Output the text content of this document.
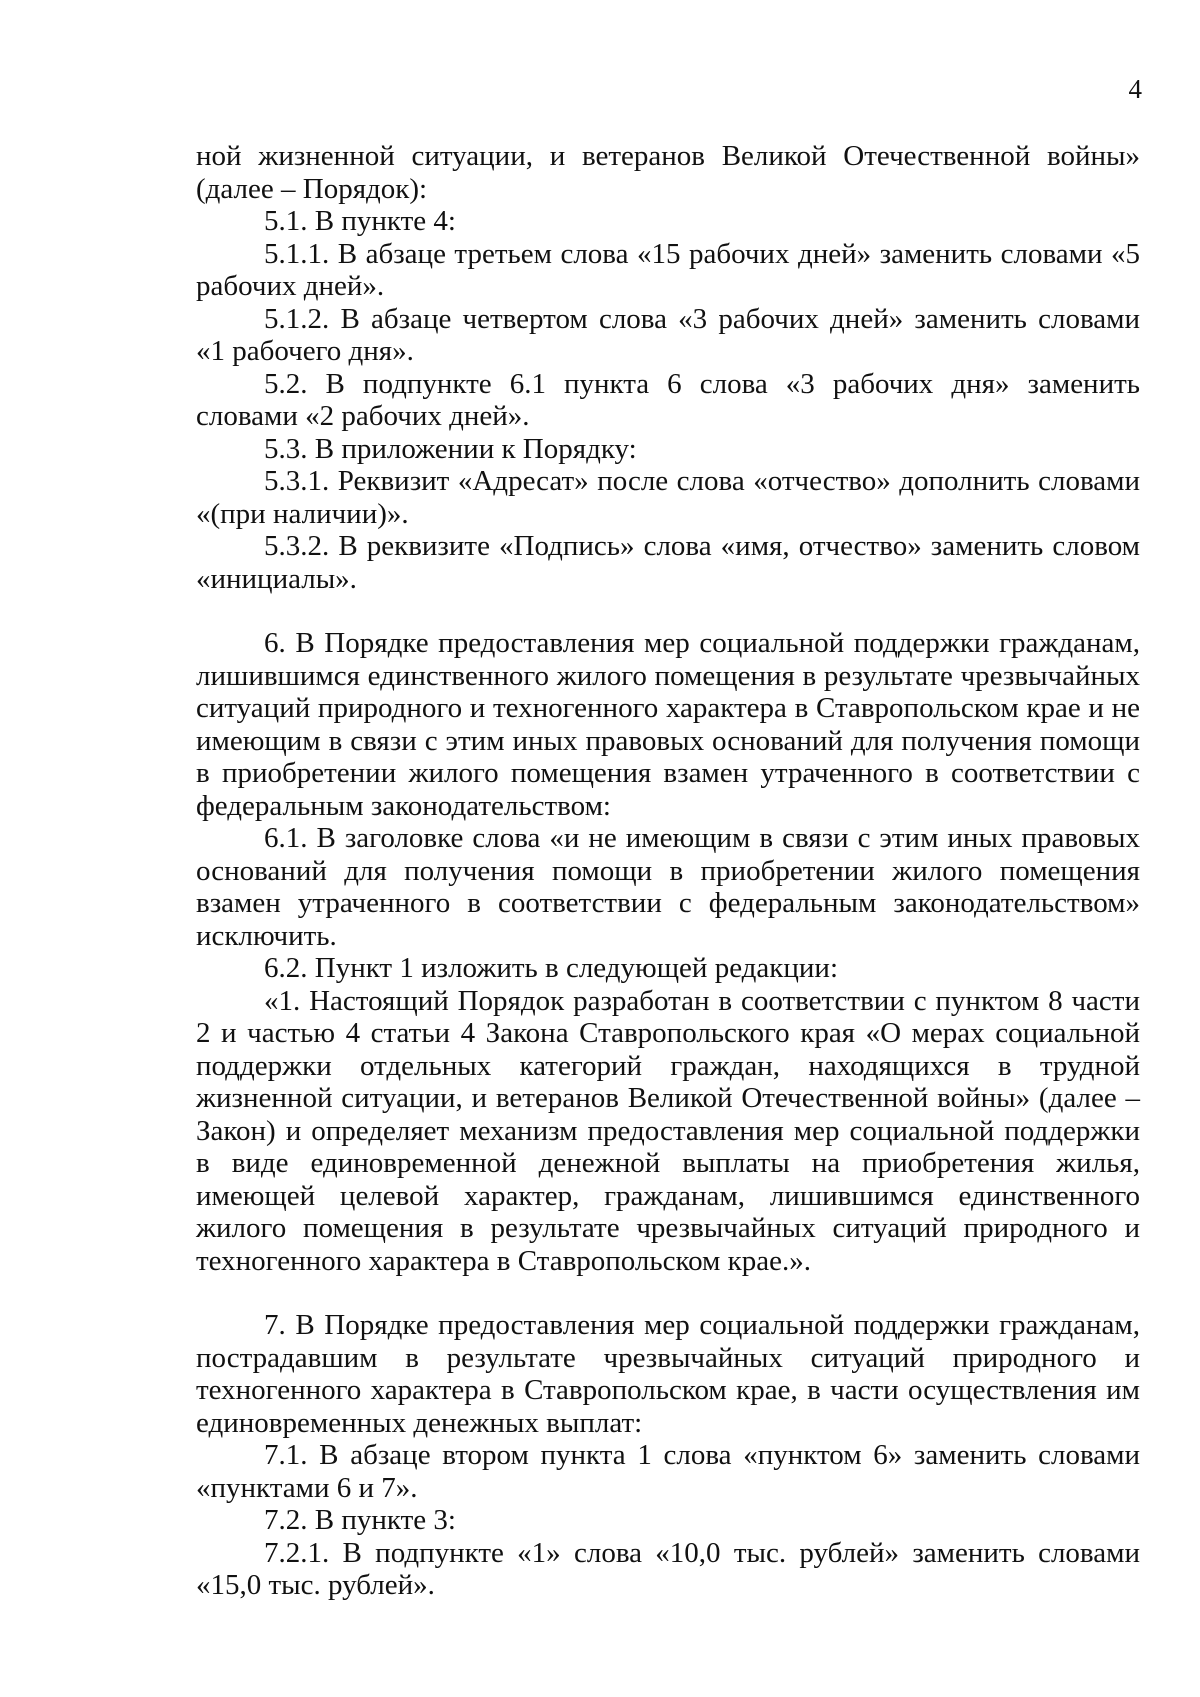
4

ной жизненной ситуации, и ветеранов Великой Отечественной войны» (далее – Порядок):

5.1. В пункте 4:

5.1.1. В абзаце третьем слова «15 рабочих дней» заменить словами «5 рабочих дней».

5.1.2. В абзаце четвертом слова «3 рабочих дней» заменить словами «1 рабочего дня».

5.2. В подпункте 6.1 пункта 6 слова «3 рабочих дня» заменить словами «2 рабочих дней».

5.3. В приложении к Порядку:

5.3.1. Реквизит «Адресат» после слова «отчество» дополнить словами «(при наличии)».

5.3.2. В реквизите «Подпись» слова «имя, отчество» заменить словом «инициалы».

6. В Порядке предоставления мер социальной поддержки гражданам, лишившимся единственного жилого помещения в результате чрезвычайных ситуаций природного и техногенного характера в Ставропольском крае и не имеющим в связи с этим иных правовых оснований для получения помощи в приобретении жилого помещения взамен утраченного в соответствии с федеральным законодательством:

6.1. В заголовке слова «и не имеющим в связи с этим иных правовых оснований для получения помощи в приобретении жилого помещения взамен утраченного в соответствии с федеральным законодательством» исключить.

6.2. Пункт 1 изложить в следующей редакции:

«1. Настоящий Порядок разработан в соответствии с пунктом 8 части 2 и частью 4 статьи 4 Закона Ставропольского края «О мерах социальной поддержки отдельных категорий граждан, находящихся в трудной жизненной ситуации, и ветеранов Великой Отечественной войны» (далее – Закон) и определяет механизм предоставления мер социальной поддержки в виде единовременной денежной выплаты на приобретения жилья, имеющей целевой характер, гражданам, лишившимся единственного жилого помещения в результате чрезвычайных ситуаций природного и техногенного характера в Ставропольском крае.».

7. В Порядке предоставления мер социальной поддержки гражданам, пострадавшим в результате чрезвычайных ситуаций природного и техногенного характера в Ставропольском крае, в части осуществления им единовременных денежных выплат:

7.1. В абзаце втором пункта 1 слова «пунктом 6» заменить словами «пунктами 6 и 7».

7.2. В пункте 3:

7.2.1. В подпункте «1» слова «10,0 тыс. рублей» заменить словами «15,0 тыс. рублей».
